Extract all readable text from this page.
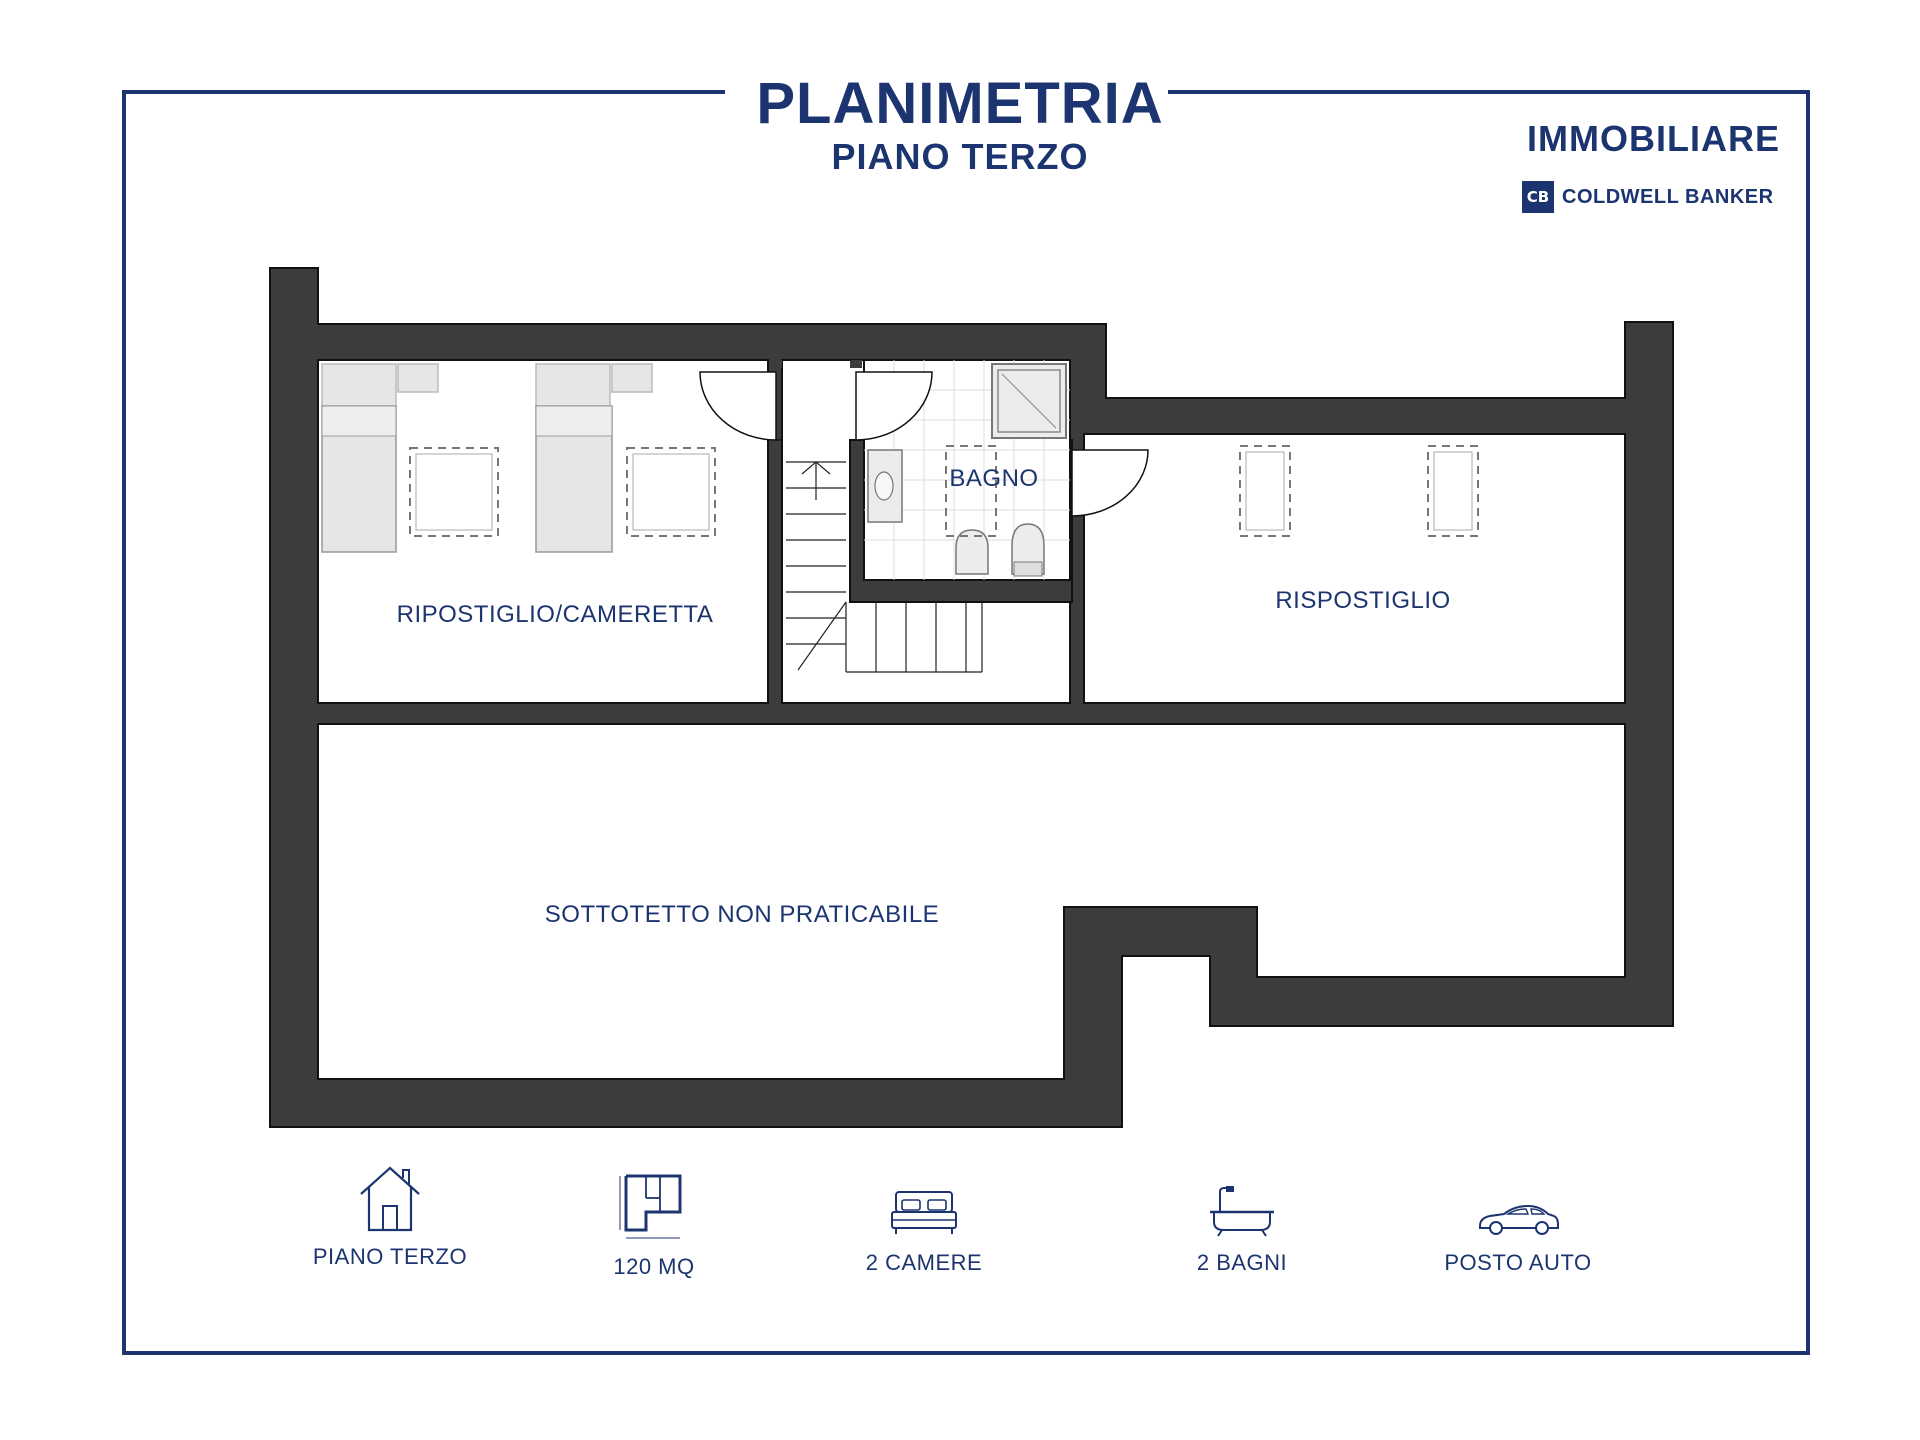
PLANIMETRIA
PIANO TERZO	IMMOBILIARE
CB COLDWELL BANKER
RIPOSTIGLIO/CAMERETTA
BAGNO
RISPOSTIGLIO
SOTTOTETTO NON PRATICABILE
PIANO TERZO	120 MQ	2 CAMERE	2 BAGNI	POSTO AUTO
